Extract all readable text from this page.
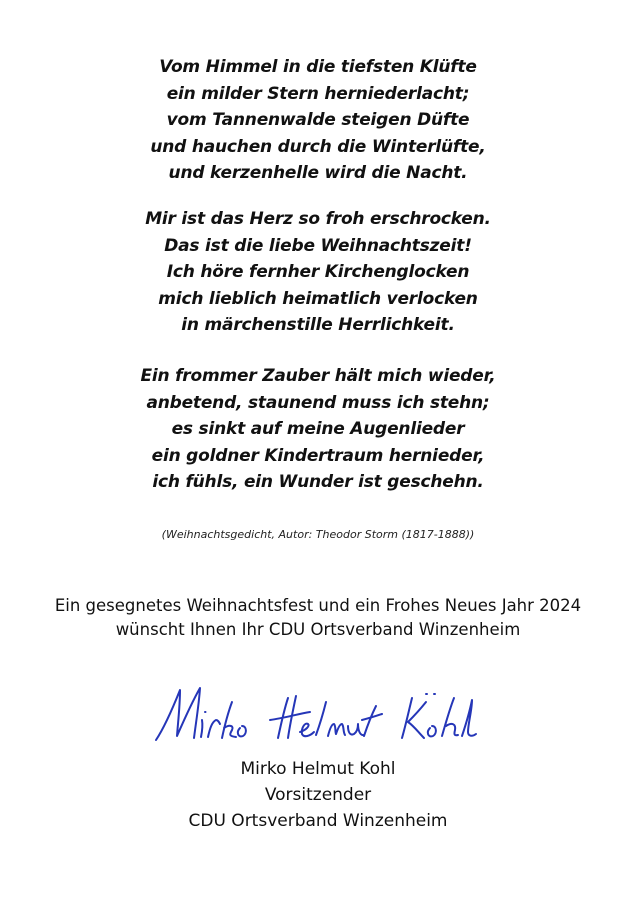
Vom Himmel in die tiefsten Klüfte
ein milder Stern herniederlacht;
vom Tannenwalde steigen Düfte
und hauchen durch die Winterlüfte,
und kerzenhelle wird die Nacht.
Mir ist das Herz so froh erschrocken.
Das ist die liebe Weihnachtszeit!
Ich höre fernher Kirchenglocken
mich lieblich heimatlich verlocken
in märchenstille Herrlichkeit.
Ein frommer Zauber hält mich wieder,
anbetend, staunend muss ich stehn;
es sinkt auf meine Augenlieder
ein goldner Kindertraum hernieder,
ich fühls, ein Wunder ist geschehn.
(Weihnachtsgedicht, Autor: Theodor Storm (1817-1888))
Ein gesegnetes Weihnachtsfest und ein Frohes Neues Jahr 2024
wünscht Ihnen Ihr CDU Ortsverband Winzenheim
Mirko Helmut Kohl
Vorsitzender
CDU Ortsverband Winzenheim
